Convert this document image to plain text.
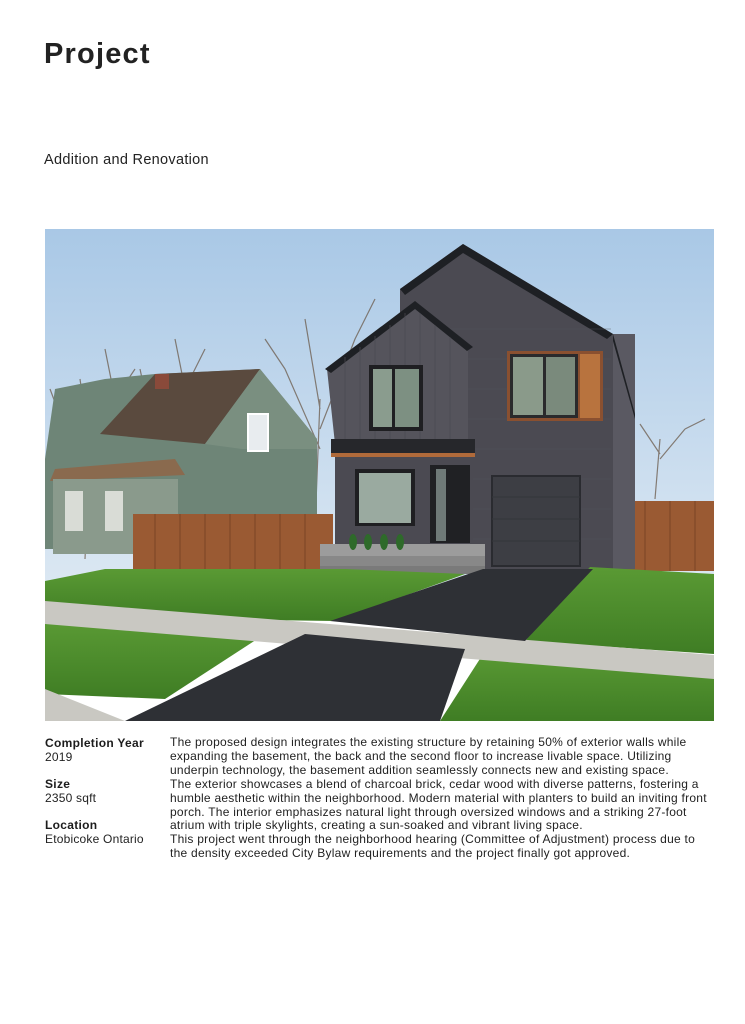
Project

Addition and Renovation

Completion Year
2019
Size
2350 sqft
Location
Etobicoke Ontario

The proposed design integrates the existing structure by retaining 50% of exterior walls while expanding the basement, the back and the second floor to increase livable space. Utilizing underpin technology, the basement addition seamlessly connects new and existing space.

The exterior showcases a blend of charcoal brick, cedar wood with diverse patterns, fostering a humble aesthetic within the neighborhood. Modern material with planters to build an inviting front porch. The interior emphasizes natural light through oversized windows and a striking 27-foot atrium with triple skylights, creating a sun-soaked and vibrant living space.

This project went through the neighborhood hearing (Committee of Adjustment) process due to the density exceeded City Bylaw requirements and the project finally got approved.
